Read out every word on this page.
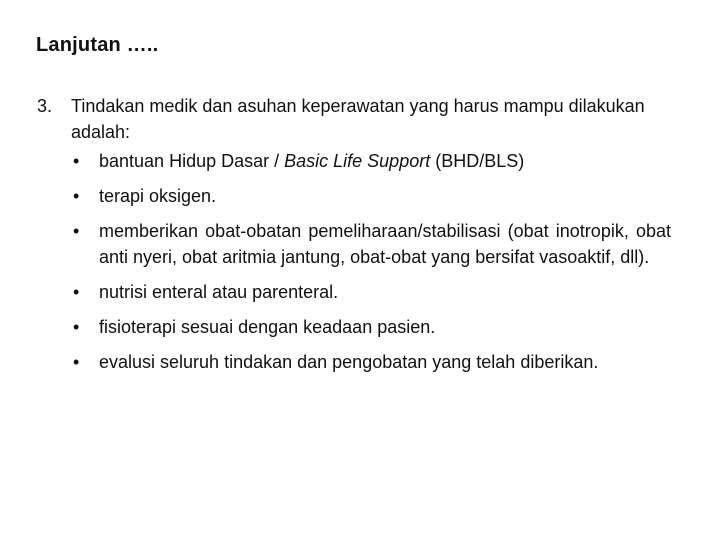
Lanjutan …..
3.	Tindakan medik dan asuhan keperawatan yang harus mampu dilakukan adalah:
•	bantuan Hidup Dasar / Basic Life Support (BHD/BLS)
•	terapi oksigen.
•	memberikan obat-obatan pemeliharaan/stabilisasi (obat inotropik, obat anti nyeri, obat aritmia jantung, obat-obat yang bersifat vasoaktif, dll).
•	nutrisi enteral atau parenteral.
•	fisioterapi sesuai dengan keadaan pasien.
•	evalusi seluruh tindakan dan pengobatan yang telah diberikan.
